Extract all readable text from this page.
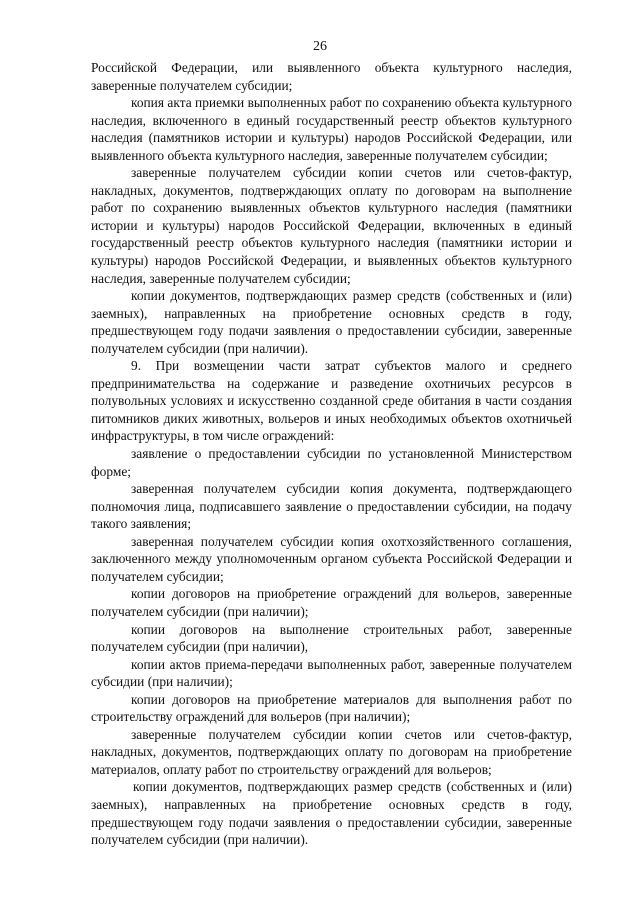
26

Российской Федерации, или выявленного объекта культурного наследия, заверенные получателем субсидии;

копия акта приемки выполненных работ по сохранению объекта культурного наследия, включенного в единый государственный реестр объектов культурного наследия (памятников истории и культуры) народов Российской Федерации, или выявленного объекта культурного наследия, заверенные получателем субсидии;

заверенные получателем субсидии копии счетов или счетов-фактур, накладных, документов, подтверждающих оплату по договорам на выполнение работ по сохранению выявленных объектов культурного наследия (памятники истории и культуры) народов Российской Федерации, включенных в единый государственный реестр объектов культурного наследия (памятники истории и культуры) народов Российской Федерации, и выявленных объектов культурного наследия, заверенные получателем субсидии;

копии документов, подтверждающих размер средств (собственных и (или) заемных), направленных на приобретение основных средств в году, предшествующем году подачи заявления о предоставлении субсидии, заверенные получателем субсидии (при наличии).

9. При возмещении части затрат субъектов малого и среднего предпринимательства на содержание и разведение охотничьих ресурсов в полувольных условиях и искусственно созданной среде обитания в части создания питомников диких животных, вольеров и иных необходимых объектов охотничьей инфраструктуры, в том числе ограждений:

заявление о предоставлении субсидии по установленной Министерством форме;

заверенная получателем субсидии копия документа, подтверждающего полномочия лица, подписавшего заявление о предоставлении субсидии, на подачу такого заявления;

заверенная получателем субсидии копия охотхозяйственного соглашения, заключенного между уполномоченным органом субъекта Российской Федерации и получателем субсидии;

копии договоров на приобретение ограждений для вольеров, заверенные получателем субсидии (при наличии);

копии договоров на выполнение строительных работ, заверенные получателем субсидии (при наличии),

копии актов приема-передачи выполненных работ, заверенные получателем субсидии (при наличии);

копии договоров на приобретение материалов для выполнения работ по строительству ограждений для вольеров (при наличии);

заверенные получателем субсидии копии счетов или счетов-фактур, накладных, документов, подтверждающих оплату по договорам на приобретение материалов, оплату работ по строительству ограждений для вольеров;

копии документов, подтверждающих размер средств (собственных и (или) заемных), направленных на приобретение основных средств в году, предшествующем году подачи заявления о предоставлении субсидии, заверенные получателем субсидии (при наличии).
